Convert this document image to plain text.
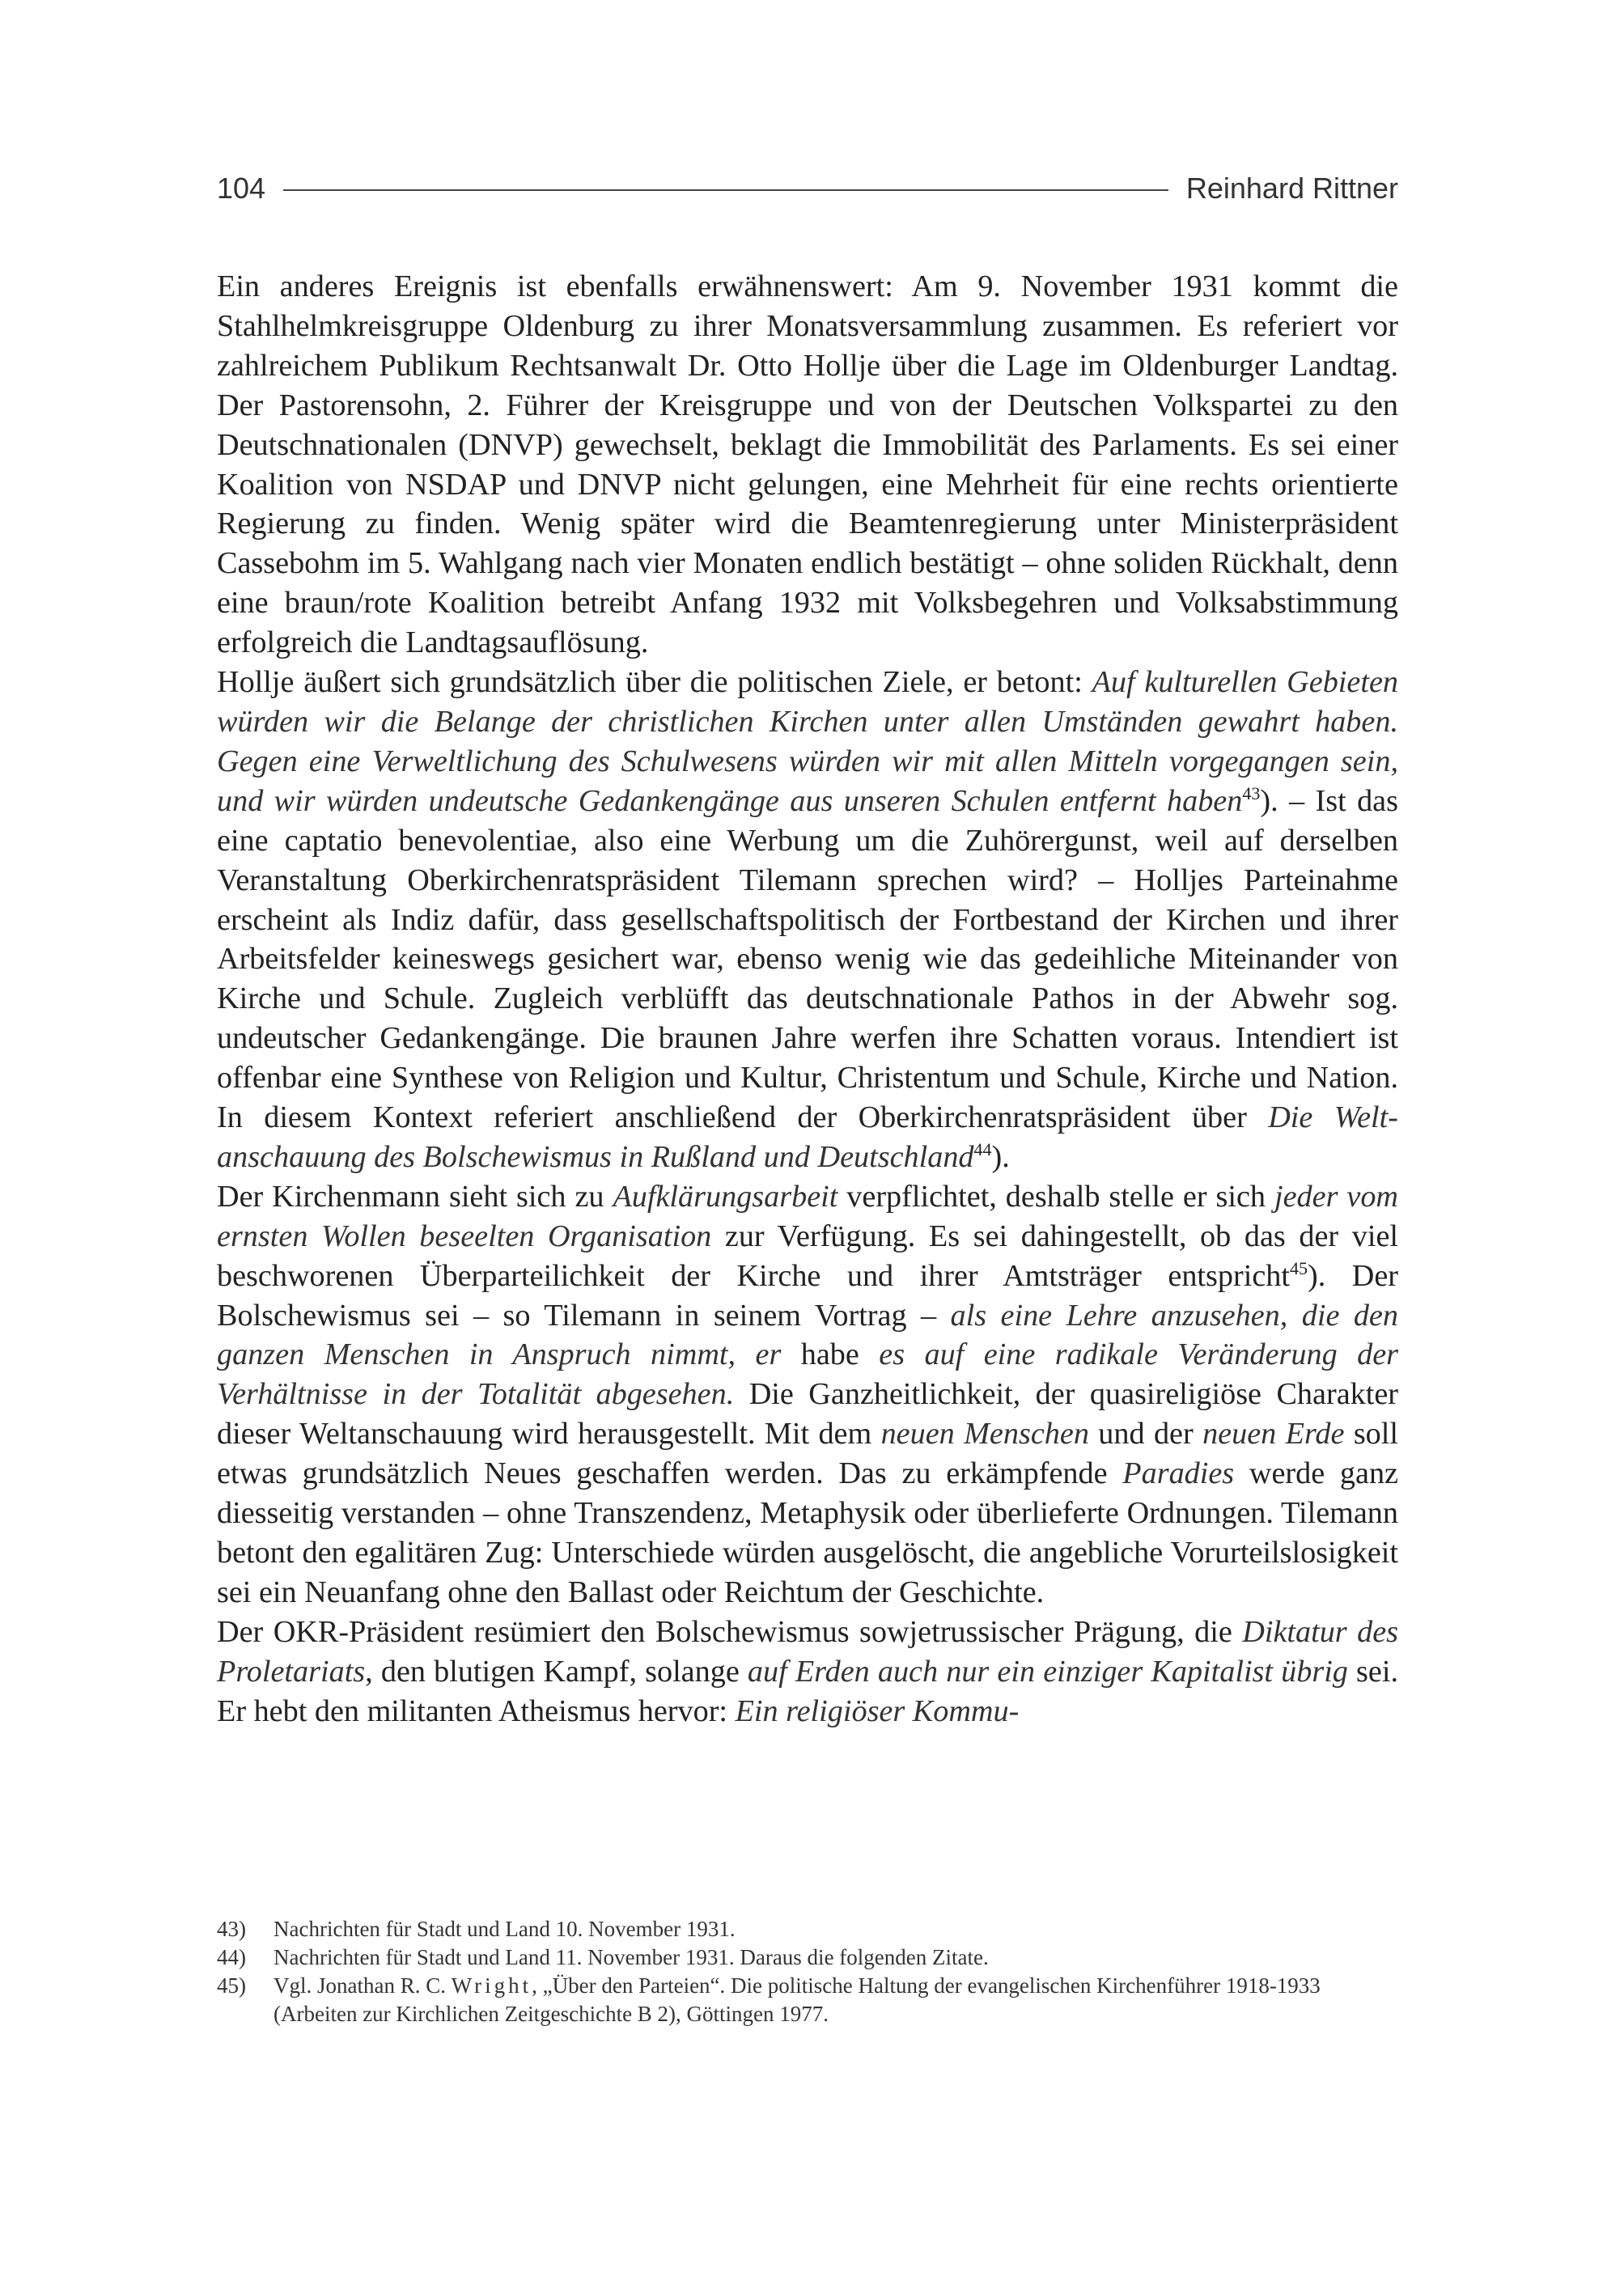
104	Reinhard Rittner

Ein anderes Ereignis ist ebenfalls erwähnenswert: Am 9. November 1931 kommt die Stahlhelmkreisgruppe Oldenburg zu ihrer Monatsversammlung zusammen. Es referiert vor zahlreichem Publikum Rechtsanwalt Dr. Otto Hollje über die Lage im Oldenburger Landtag. Der Pastorensohn, 2. Führer der Kreisgruppe und von der Deutschen Volkspartei zu den Deutschnationalen (DNVP) gewechselt, beklagt die Immobilität des Parlaments. Es sei einer Koalition von NSDAP und DNVP nicht gelungen, eine Mehrheit für eine rechts orientierte Regierung zu finden. Wenig später wird die Beamtenregierung unter Ministerpräsident Cassebohm im 5. Wahlgang nach vier Monaten endlich bestätigt – ohne soliden Rückhalt, denn eine braun/rote Koalition betreibt Anfang 1932 mit Volksbegehren und Volksabstimmung erfolgreich die Landtagsauflösung.

Hollje äußert sich grundsätzlich über die politischen Ziele, er betont: Auf kulturellen Gebieten würden wir die Belange der christlichen Kirchen unter allen Umständen gewahrt haben. Gegen eine Verweltlichung des Schulwesens würden wir mit allen Mitteln vorgegangen sein, und wir würden undeutsche Gedankengänge aus unseren Schulen entfernt haben$^{43}$). – Ist das eine captatio benevolentiae, also eine Werbung um die Zuhörergunst, weil auf derselben Veranstaltung Oberkirchenratspräsident Tilemann sprechen wird? – Holljes Parteinahme erscheint als Indiz dafür, dass gesellschaftspolitisch der Fortbestand der Kirchen und ihrer Arbeitsfelder keineswegs gesichert war, ebenso wenig wie das gedeihliche Miteinander von Kirche und Schule. Zugleich verblüfft das deutschnationale Pathos in der Abwehr sog. undeutscher Gedankengänge. Die braunen Jahre werfen ihre Schatten voraus. Intendiert ist offenbar eine Synthese von Religion und Kultur, Christentum und Schule, Kirche und Nation. In diesem Kontext referiert anschließend der Oberkirchenratspräsident über Die Weltanschauung des Bolschewismus in Rußland und Deutschland$^{44}$).

Der Kirchenmann sieht sich zu Aufklärungsarbeit verpflichtet, deshalb stelle er sich jeder vom ernsten Wollen beseelten Organisation zur Verfügung. Es sei dahingestellt, ob das der viel beschworenen Überparteilichkeit der Kirche und ihrer Amtsträger entspricht$^{45}$). Der Bolschewismus sei – so Tilemann in seinem Vortrag – als eine Lehre anzusehen, die den ganzen Menschen in Anspruch nimmt, er habe es auf eine radikale Veränderung der Verhältnisse in der Totalität abgesehen. Die Ganzheitlichkeit, der quasireligiöse Charakter dieser Weltanschauung wird herausgestellt. Mit dem neuen Menschen und der neuen Erde soll etwas grundsätzlich Neues geschaffen werden. Das zu erkämpfende Paradies werde ganz diesseitig verstanden – ohne Transzendenz, Metaphysik oder überlieferte Ordnungen. Tilemann betont den egalitären Zug: Unterschiede würden ausgelöscht, die angebliche Vorurteilslosigkeit sei ein Neuanfang ohne den Ballast oder Reichtum der Geschichte.

Der OKR-Präsident resümiert den Bolschewismus sowjetrussischer Prägung, die Diktatur des Proletariats, den blutigen Kampf, solange auf Erden auch nur ein einziger Kapitalist übrig sei. Er hebt den militanten Atheismus hervor: Ein religiöser Kommu-

43)	Nachrichten für Stadt und Land 10. November 1931.
44)	Nachrichten für Stadt und Land 11. November 1931. Daraus die folgenden Zitate.
45)	Vgl. Jonathan R. C. Wright, „Über den Parteien“. Die politische Haltung der evangelischen Kirchenführer 1918-1933 (Arbeiten zur Kirchlichen Zeitgeschichte B 2), Göttingen 1977.
